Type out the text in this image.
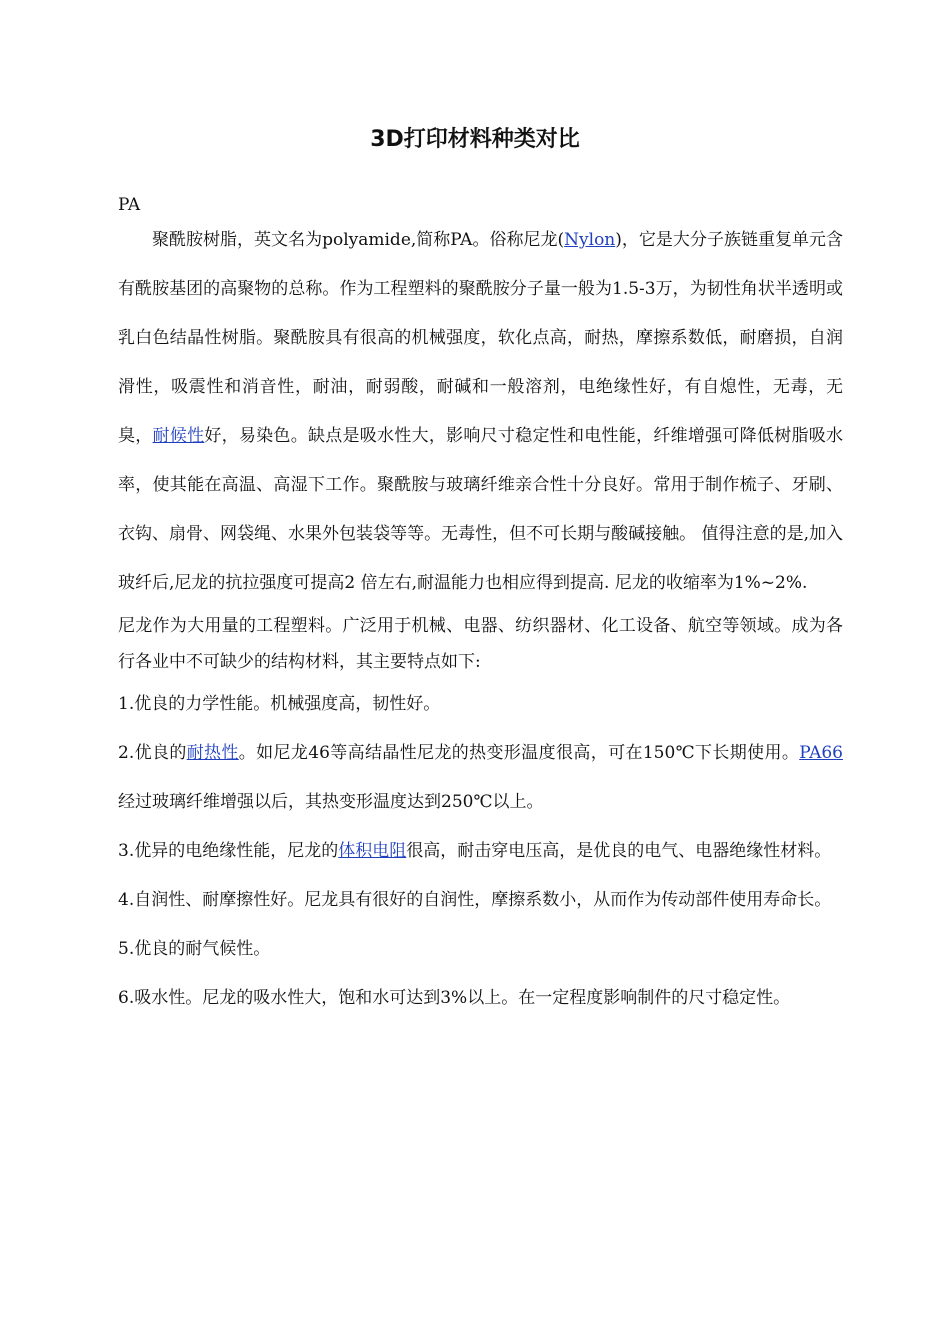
3D打印材料种类对比
PA

聚酰胺树脂，英文名为polyamide,简称PA。俗称尼龙(Nylon)，它是大分子族链重复单元含有酰胺基团的高聚物的总称。作为工程塑料的聚酰胺分子量一般为1.5-3万，为韧性角状半透明或乳白色结晶性树脂。聚酰胺具有很高的机械强度，软化点高，耐热，摩擦系数低，耐磨损，自润滑性，吸震性和消音性，耐油，耐弱酸，耐碱和一般溶剂，电绝缘性好，有自熄性，无毒，无臭，耐候性好，易染色。缺点是吸水性大，影响尺寸稳定性和电性能，纤维增强可降低树脂吸水率，使其能在高温、高湿下工作。聚酰胺与玻璃纤维亲合性十分良好。常用于制作梳子、牙刷、衣钩、扇骨、网袋绳、水果外包装袋等等。无毒性，但不可长期与酸碱接触。 值得注意的是,加入玻纤后,尼龙的抗拉强度可提高2 倍左右,耐温能力也相应得到提高. 尼龙的收缩率为1%~2%.

尼龙作为大用量的工程塑料。广泛用于机械、电器、纺织器材、化工设备、航空等领域。成为各行各业中不可缺少的结构材料，其主要特点如下:

1.优良的力学性能。机械强度高，韧性好。

2.优良的耐热性。如尼龙46等高结晶性尼龙的热变形温度很高，可在150℃下长期使用。PA66 经过玻璃纤维增强以后，其热变形温度达到250℃以上。

3.优异的电绝缘性能，尼龙的体积电阻很高，耐击穿电压高，是优良的电气、电器绝缘性材料。

4.自润性、耐摩擦性好。尼龙具有很好的自润性，摩擦系数小，从而作为传动部件使用寿命长。

5.优良的耐气候性。

6.吸水性。尼龙的吸水性大，饱和水可达到3%以上。在一定程度影响制件的尺寸稳定性。
